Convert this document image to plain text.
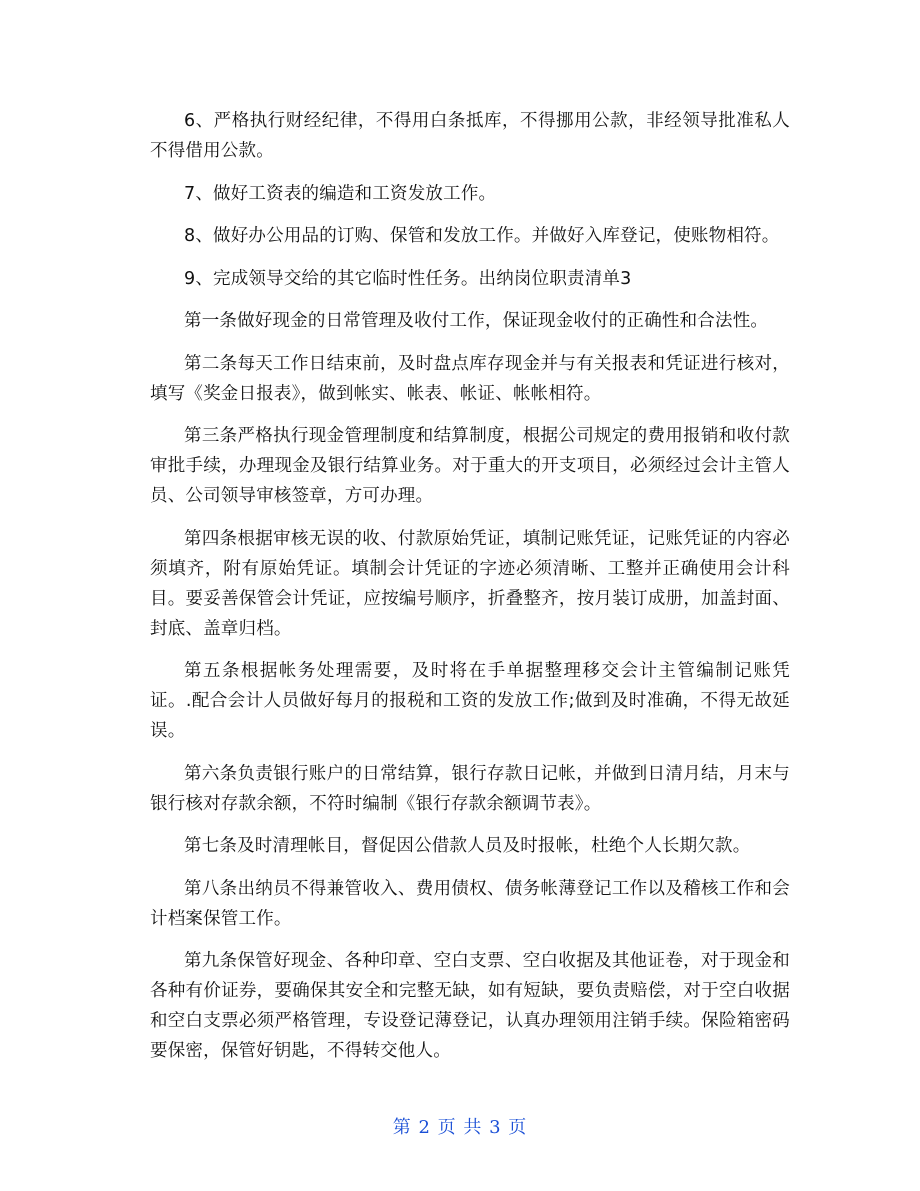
6、严格执行财经纪律，不得用白条抵库，不得挪用公款，非经领导批准私人不得借用公款。

7、做好工资表的编造和工资发放工作。

8、做好办公用品的订购、保管和发放工作。并做好入库登记，使账物相符。

9、完成领导交给的其它临时性任务。出纳岗位职责清单3

第一条做好现金的日常管理及收付工作，保证现金收付的正确性和合法性。

第二条每天工作日结束前，及时盘点库存现金并与有关报表和凭证进行核对，填写《奖金日报表》，做到帐实、帐表、帐证、帐帐相符。

第三条严格执行现金管理制度和结算制度，根据公司规定的费用报销和收付款审批手续，办理现金及银行结算业务。对于重大的开支项目，必须经过会计主管人员、公司领导审核签章，方可办理。

第四条根据审核无误的收、付款原始凭证，填制记账凭证，记账凭证的内容必须填齐，附有原始凭证。填制会计凭证的字迹必须清晰、工整并正确使用会计科目。要妥善保管会计凭证，应按编号顺序，折叠整齐，按月装订成册，加盖封面、封底、盖章归档。

第五条根据帐务处理需要，及时将在手单据整理移交会计主管编制记账凭证。.配合会计人员做好每月的报税和工资的发放工作;做到及时准确，不得无故延误。

第六条负责银行账户的日常结算，银行存款日记帐，并做到日清月结，月末与银行核对存款余额，不符时编制《银行存款余额调节表》。

第七条及时清理帐目，督促因公借款人员及时报帐，杜绝个人长期欠款。

第八条出纳员不得兼管收入、费用债权、债务帐薄登记工作以及稽核工作和会计档案保管工作。

第九条保管好现金、各种印章、空白支票、空白收据及其他证卷，对于现金和各种有价证券，要确保其安全和完整无缺，如有短缺，要负责赔偿，对于空白收据和空白支票必须严格管理，专设登记薄登记，认真办理领用注销手续。保险箱密码要保密，保管好钥匙，不得转交他人。

第 2 页 共 3 页
